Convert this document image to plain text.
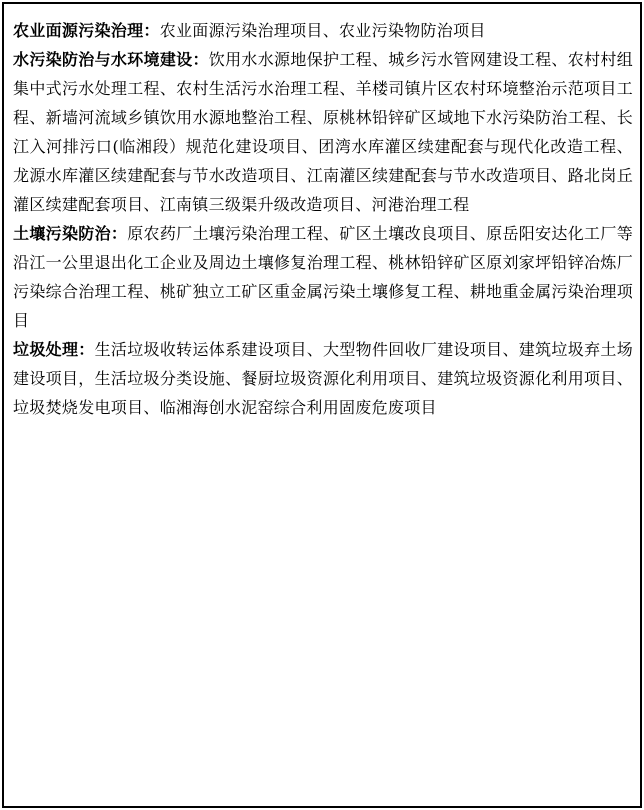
农业面源污染治理：农业面源污染治理项目、农业污染物防治项目

水污染防治与水环境建设：饮用水水源地保护工程、城乡污水管网建设工程、农村村组集中式污水处理工程、农村生活污水治理工程、羊楼司镇片区农村环境整治示范项目工程、新墙河流域乡镇饮用水源地整治工程、原桃林铅锌矿区域地下水污染防治工程、长江入河排污口(临湘段）规范化建设项目、团湾水库灌区续建配套与现代化改造工程、龙源水库灌区续建配套与节水改造项目、江南灌区续建配套与节水改造项目、路北岗丘灌区续建配套项目、江南镇三级渠升级改造项目、河港治理工程

土壤污染防治：原农药厂土壤污染治理工程、矿区土壤改良项目、原岳阳安达化工厂等沿江一公里退出化工企业及周边土壤修复治理工程、桃林铅锌矿区原刘家坪铅锌冶炼厂污染综合治理工程、桃矿独立工矿区重金属污染土壤修复工程、耕地重金属污染治理项目

垃圾处理：生活垃圾收转运体系建设项目、大型物件回收厂建设项目、建筑垃圾弃土场建设项目，生活垃圾分类设施、餐厨垃圾资源化利用项目、建筑垃圾资源化利用项目、垃圾焚烧发电项目、临湘海创水泥窑综合利用固废危废项目
